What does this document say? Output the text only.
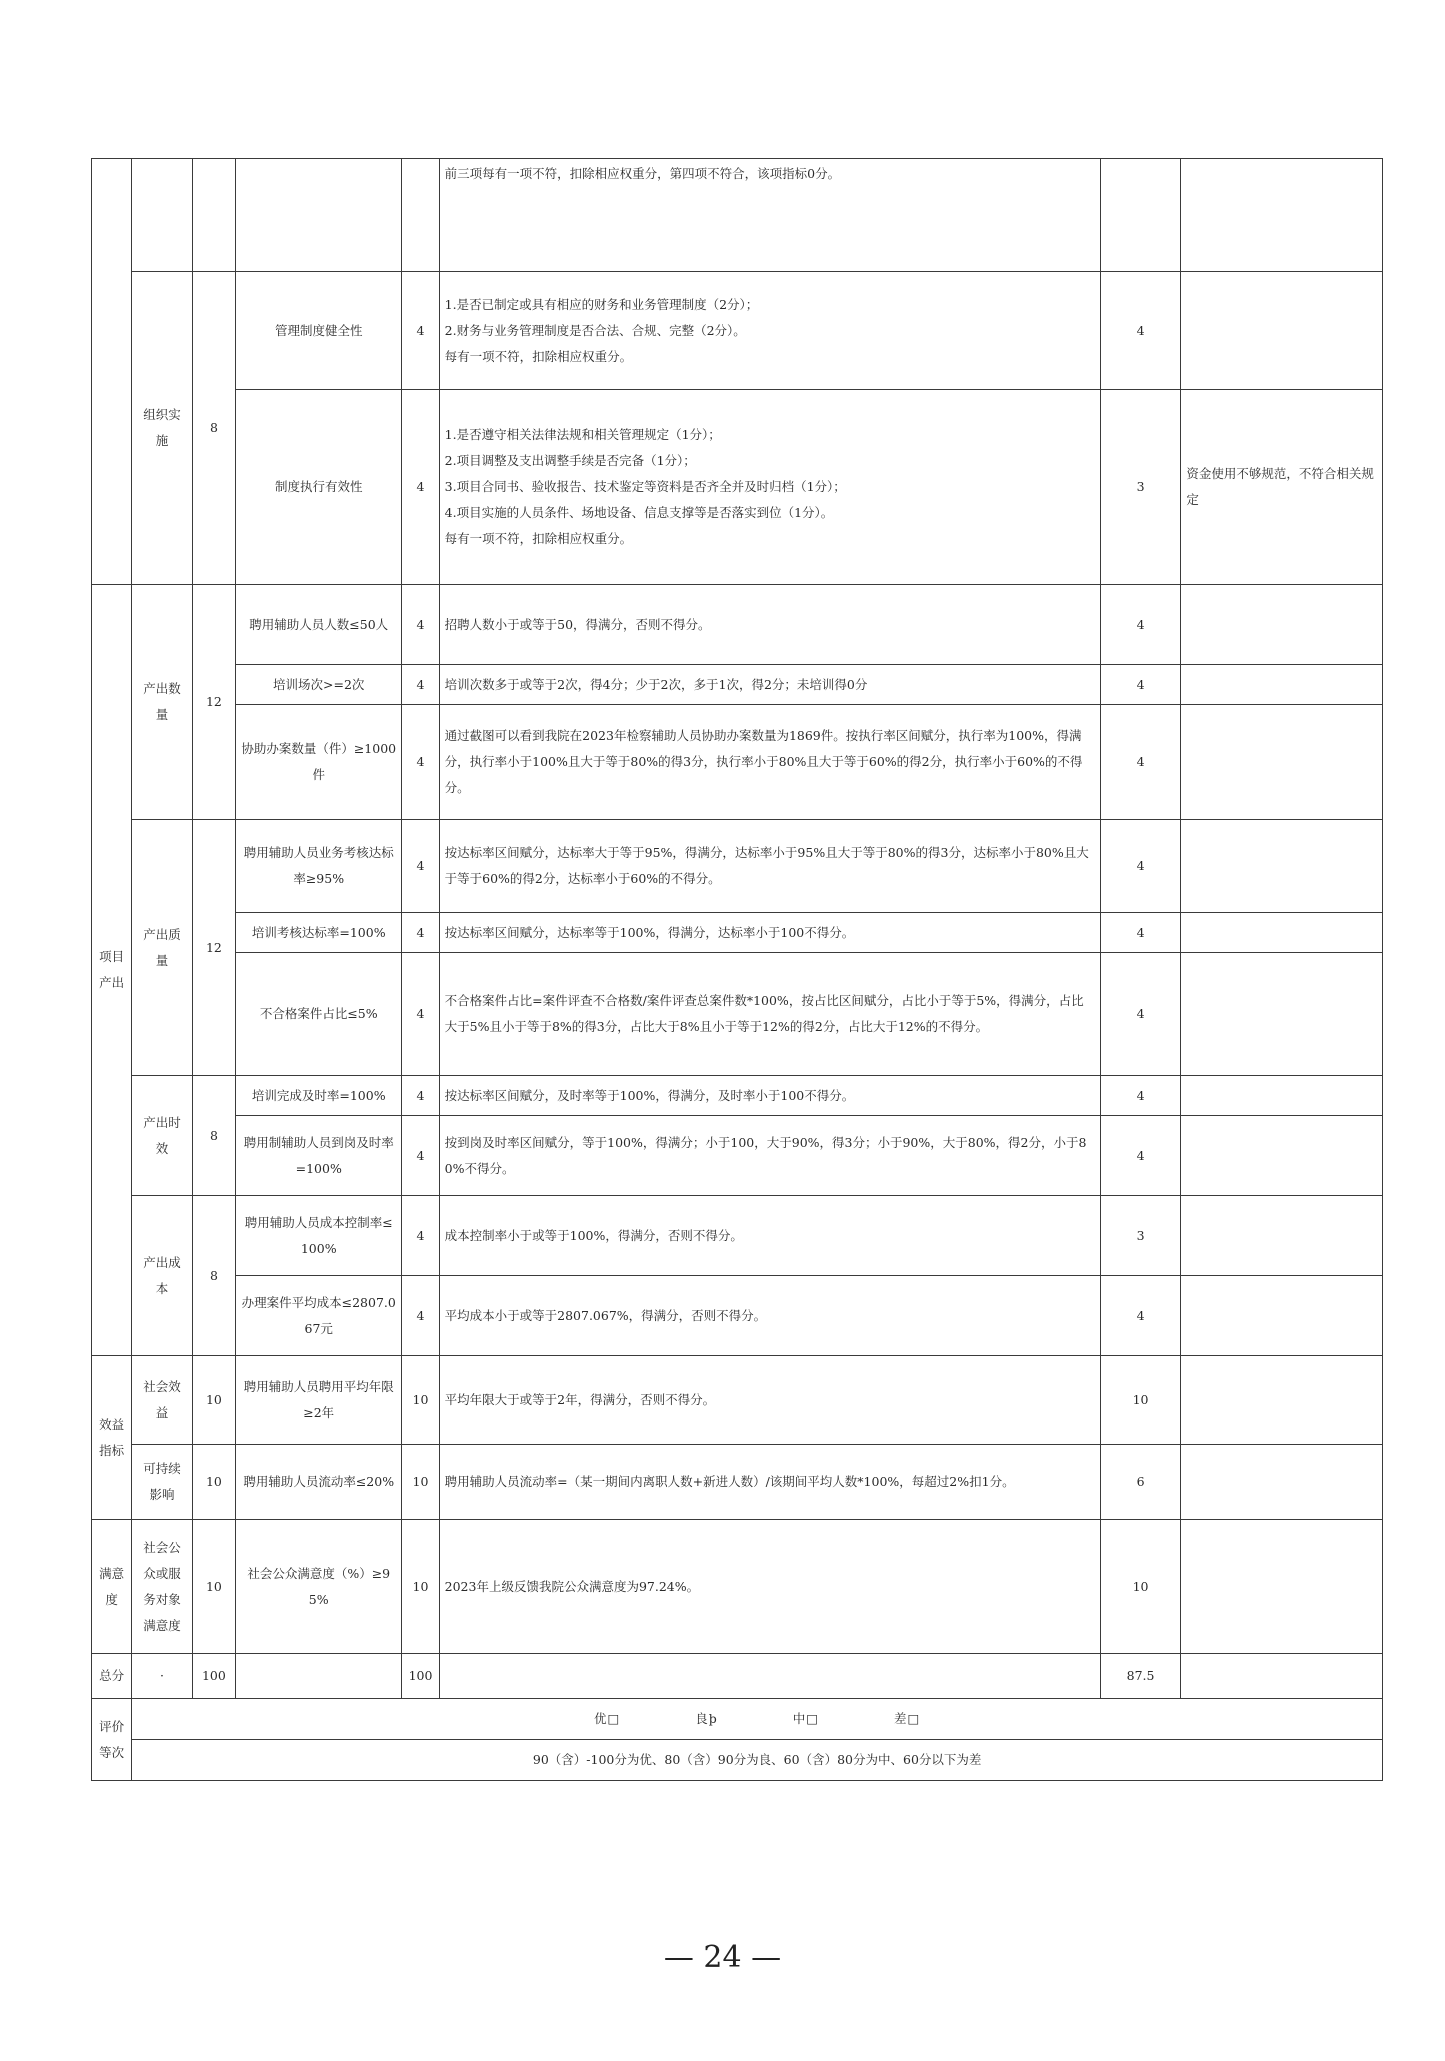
					前三项每有一项不符，扣除相应权重分，第四项不符合，该项指标0分。		
	组织实施	8	管理制度健全性	4	1.是否已制定或具有相应的财务和业务管理制度（2分）；
2.财务与业务管理制度是否合法、合规、完整（2分）。
每有一项不符，扣除相应权重分。	4	
			制度执行有效性	4	1.是否遵守相关法律法规和相关管理规定（1分）；
2.项目调整及支出调整手续是否完备（1分）；
3.项目合同书、验收报告、技术鉴定等资料是否齐全并及时归档（1分）；
4.项目实施的人员条件、场地设备、信息支撑等是否落实到位（1分）。
每有一项不符，扣除相应权重分。	3	资金使用不够规范，不符合相关规定
项目产出	产出数量	12	聘用辅助人员人数≤50人	4	招聘人数小于或等于50，得满分，否则不得分。	4	
			培训场次>=2次	4	培训次数多于或等于2次，得4分；少于2次，多于1次，得2分；未培训得0分	4	
			协助办案数量（件）≥1000件	4	通过截图可以看到我院在2023年检察辅助人员协助办案数量为1869件。按执行率区间赋分，执行率为100%，得满分，执行率小于100%且大于等于80%的得3分，执行率小于80%且大于等于60%的得2分，执行率小于60%的不得分。	4	
	产出质量	12	聘用辅助人员业务考核达标率≥95%	4	按达标率区间赋分，达标率大于等于95%，得满分，达标率小于95%且大于等于80%的得3分，达标率小于80%且大于等于60%的得2分，达标率小于60%的不得分。	4	
			培训考核达标率=100%	4	按达标率区间赋分，达标率等于100%，得满分，达标率小于100不得分。	4	
			不合格案件占比≤5%	4	不合格案件占比=案件评查不合格数/案件评查总案件数*100%，按占比区间赋分，占比小于等于5%，得满分，占比大于5%且小于等于8%的得3分，占比大于8%且小于等于12%的得2分，占比大于12%的不得分。	4	
	产出时效	8	培训完成及时率=100%	4	按达标率区间赋分，及时率等于100%，得满分，及时率小于100不得分。	4	
			聘用制辅助人员到岗及时率=100%	4	按到岗及时率区间赋分，等于100%，得满分；小于100，大于90%，得3分；小于90%，大于80%，得2分，小于80%不得分。	4	
	产出成本	8	聘用辅助人员成本控制率≤100%	4	成本控制率小于或等于100%，得满分，否则不得分。	3	
			办理案件平均成本≤2807.067元	4	平均成本小于或等于2807.067%，得满分，否则不得分。	4	
效益指标	社会效益	10	聘用辅助人员聘用平均年限≥2年	10	平均年限大于或等于2年，得满分，否则不得分。	10	
	可持续影响	10	聘用辅助人员流动率≤20%	10	聘用辅助人员流动率=（某一期间内离职人数+新进人数）/该期间平均人数*100%，每超过2%扣1分。	6	
满意度	社会公众或服务对象满意度	10	社会公众满意度（%）≥95%	10	2023年上级反馈我院公众满意度为97.24%。	10	
总分	·	100		100		87.5	

评价
等次	优□ 良þ 中□ 差□						
	90（含）-100分为优、80（含）90分为良、60（含）80分为中、60分以下为差						
— 24 —
